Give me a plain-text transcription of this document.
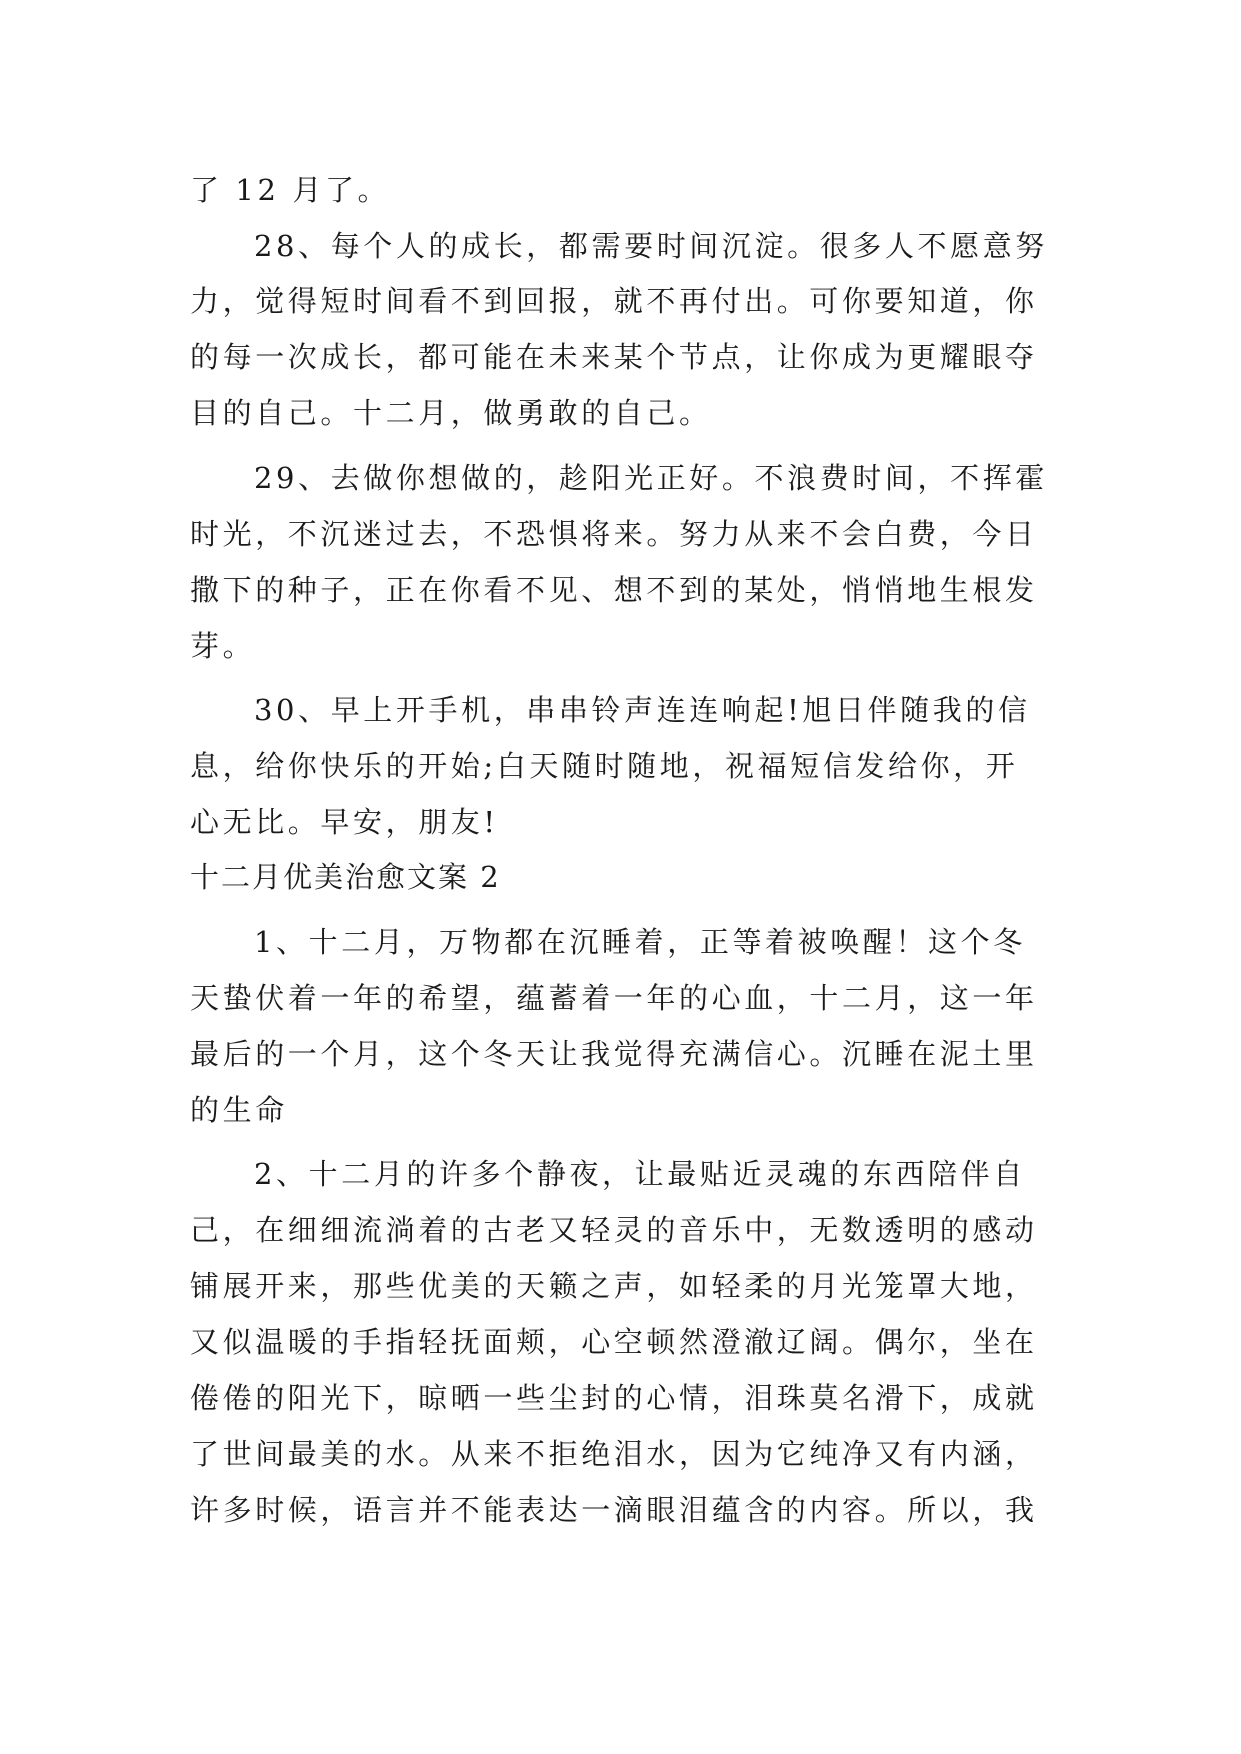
了 12 月了。

28、每个人的成长，都需要时间沉淀。很多人不愿意努

力，觉得短时间看不到回报，就不再付出。可你要知道，你

的每一次成长，都可能在未来某个节点，让你成为更耀眼夺

目的自己。十二月，做勇敢的自己。

29、去做你想做的，趁阳光正好。不浪费时间，不挥霍

时光，不沉迷过去，不恐惧将来。努力从来不会白费，今日

撒下的种子，正在你看不见、想不到的某处，悄悄地生根发

芽。

30、早上开手机，串串铃声连连响起!旭日伴随我的信

息，给你快乐的开始;白天随时随地，祝福短信发给你，开

心无比。早安，朋友!

十二月优美治愈文案 2

1、十二月，万物都在沉睡着，正等着被唤醒！这个冬

天蛰伏着一年的希望，蕴蓄着一年的心血，十二月，这一年

最后的一个月，这个冬天让我觉得充满信心。沉睡在泥土里

的生命

2、十二月的许多个静夜，让最贴近灵魂的东西陪伴自

己，在细细流淌着的古老又轻灵的音乐中，无数透明的感动

铺展开来，那些优美的天籁之声，如轻柔的月光笼罩大地，

又似温暖的手指轻抚面颊，心空顿然澄澈辽阔。偶尔，坐在

倦倦的阳光下，晾晒一些尘封的心情，泪珠莫名滑下，成就

了世间最美的水。从来不拒绝泪水，因为它纯净又有内涵，

许多时候，语言并不能表达一滴眼泪蕴含的内容。所以，我
